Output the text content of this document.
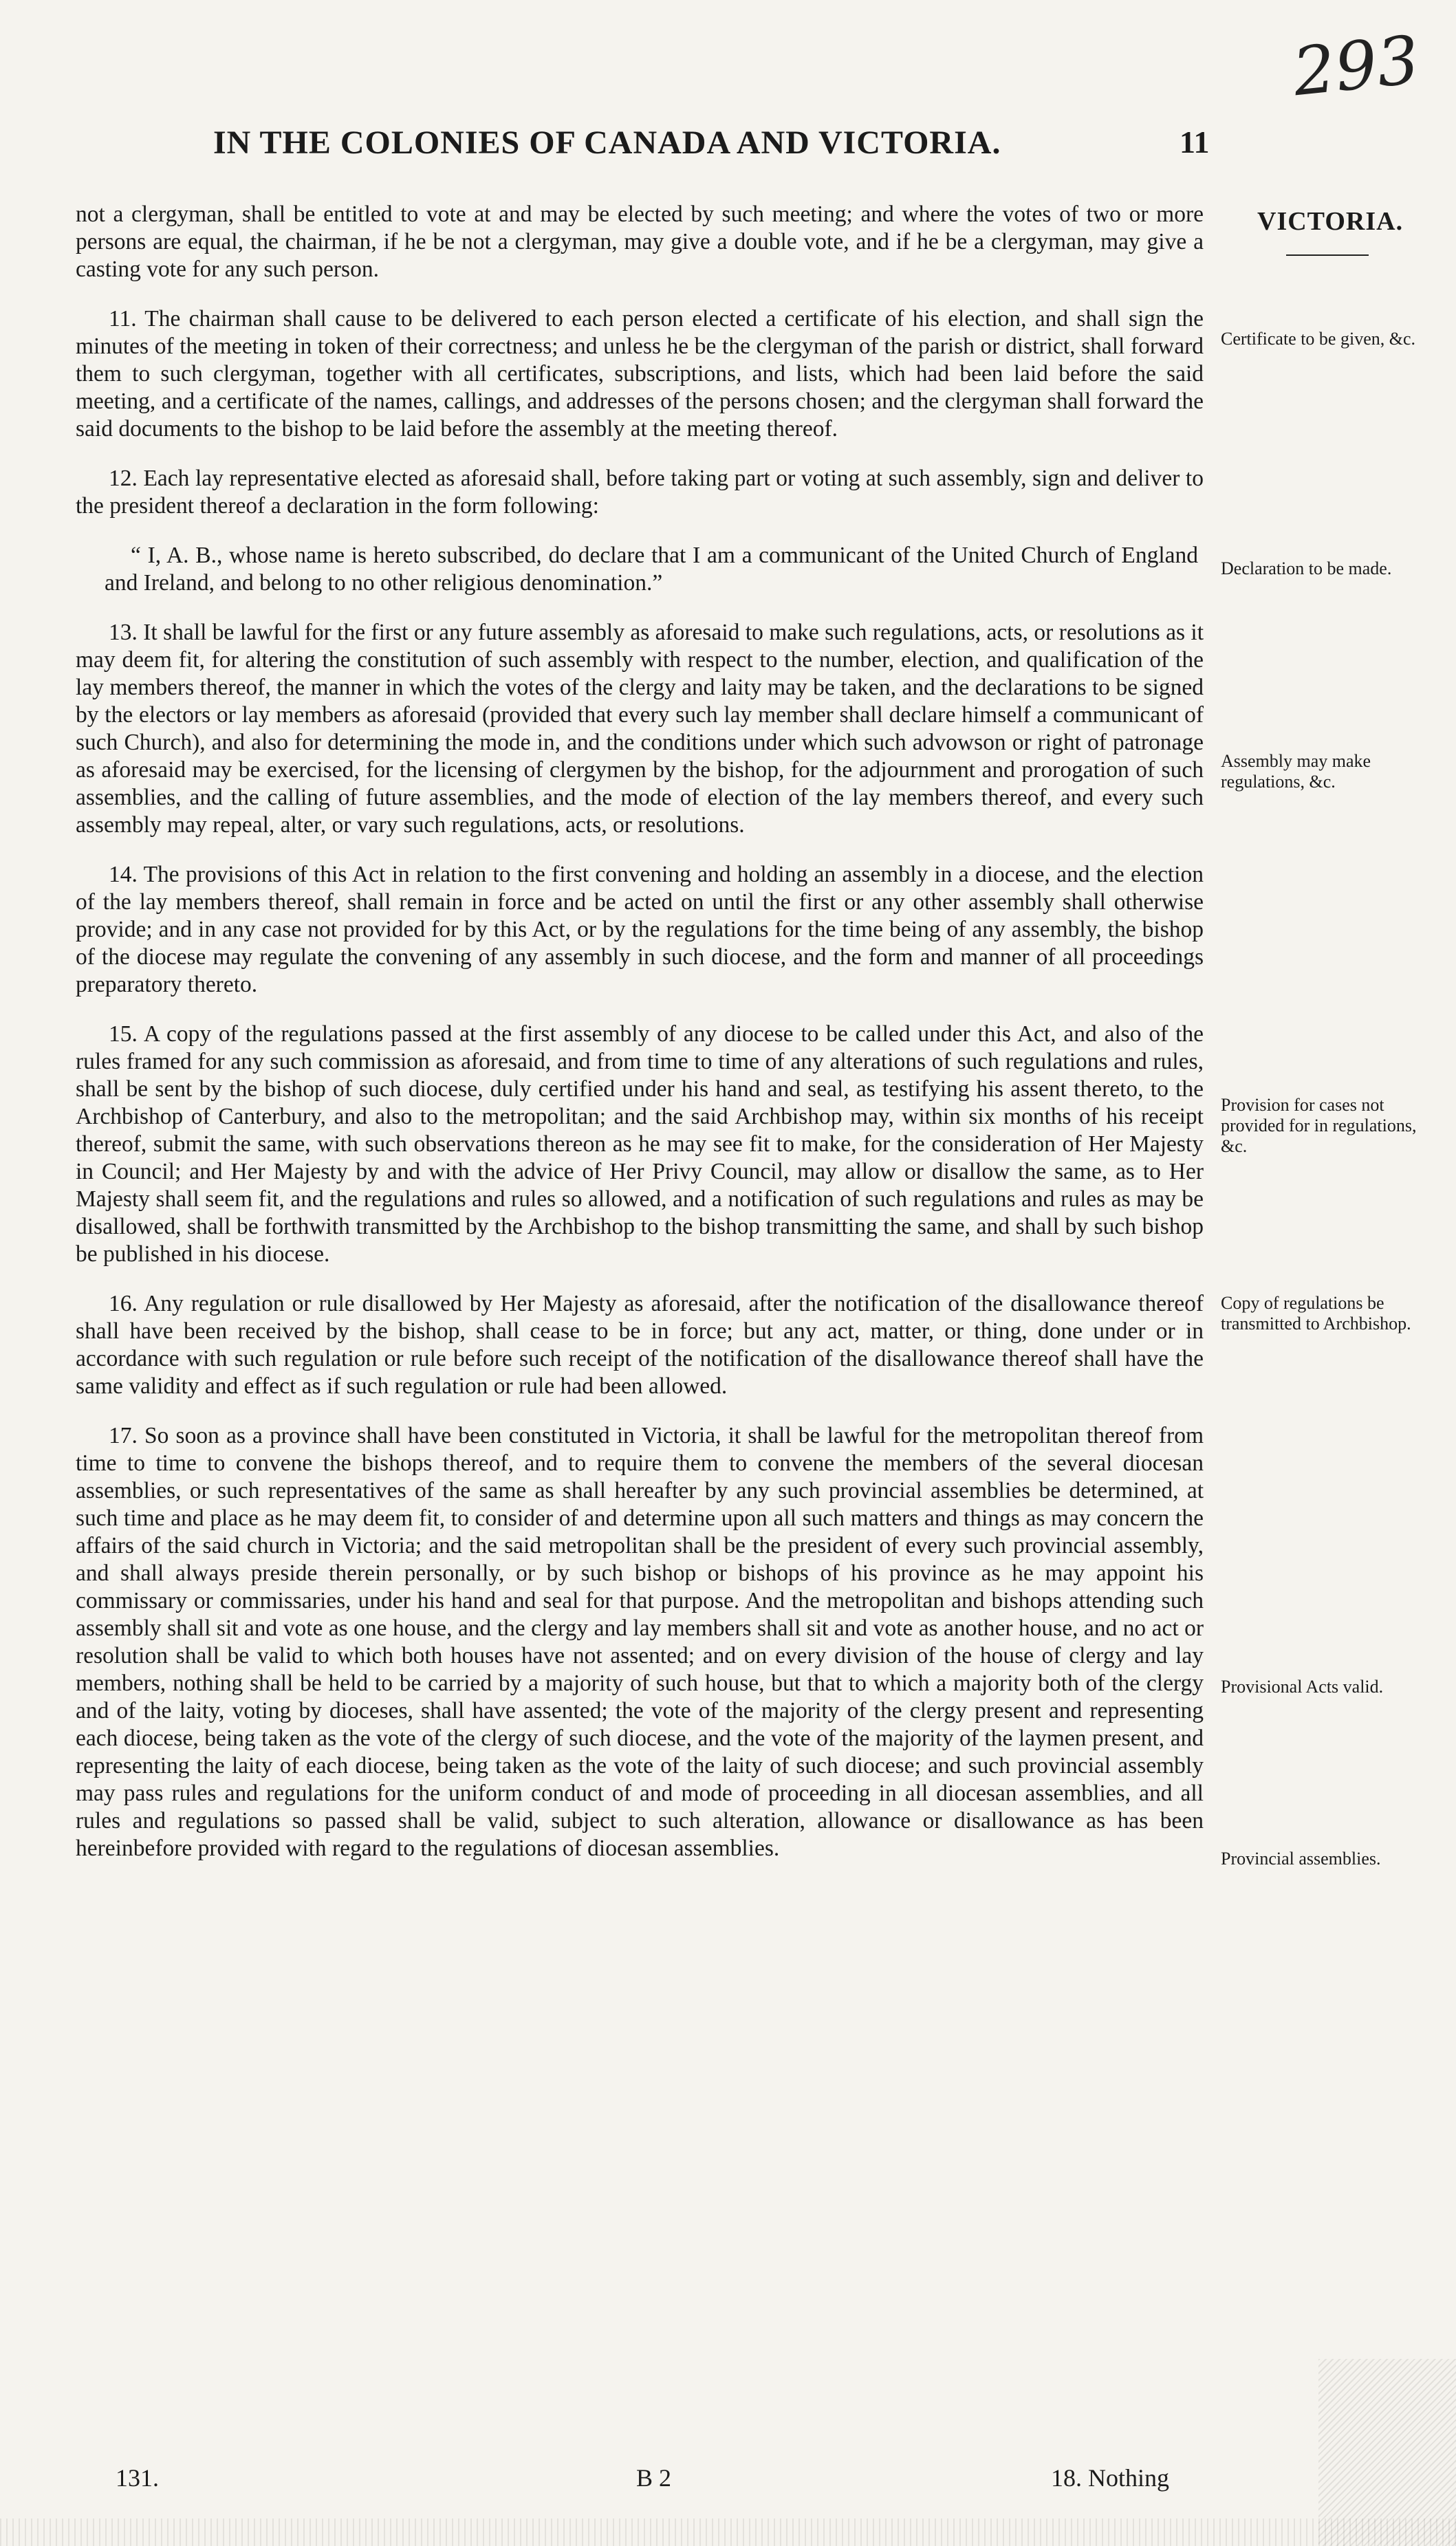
293
IN THE COLONIES OF CANADA AND VICTORIA.	11
VICTORIA.

not a clergyman, shall be entitled to vote at and may be elected by such meeting; and where the votes of two or more persons are equal, the chairman, if he be not a clergyman, may give a double vote, and if he be a clergyman, may give a casting vote for any such person.

11. The chairman shall cause to be delivered to each person elected a certificate of his election, and shall sign the minutes of the meeting in token of their correctness; and unless he be the clergyman of the parish or district, shall forward them to such clergyman, together with all certificates, subscriptions, and lists, which had been laid before the said meeting, and a certificate of the names, callings, and addresses of the persons chosen; and the clergyman shall forward the said documents to the bishop to be laid before the assembly at the meeting thereof.

12. Each lay representative elected as aforesaid shall, before taking part or voting at such assembly, sign and deliver to the president thereof a declaration in the form following:

“ I, A. B., whose name is hereto subscribed, do declare that I am a communicant of the United Church of England and Ireland, and belong to no other religious denomination.”

13. It shall be lawful for the first or any future assembly as aforesaid to make such regulations, acts, or resolutions as it may deem fit, for altering the constitution of such assembly with respect to the number, election, and qualification of the lay members thereof, the manner in which the votes of the clergy and laity may be taken, and the declarations to be signed by the electors or lay members as aforesaid (provided that every such lay member shall declare himself a communicant of such Church), and also for determining the mode in, and the conditions under which such advowson or right of patronage as aforesaid may be exercised, for the licensing of clergymen by the bishop, for the adjournment and prorogation of such assemblies, and the calling of future assemblies, and the mode of election of the lay members thereof, and every such assembly may repeal, alter, or vary such regulations, acts, or resolutions.

14. The provisions of this Act in relation to the first convening and holding an assembly in a diocese, and the election of the lay members thereof, shall remain in force and be acted on until the first or any other assembly shall otherwise provide; and in any case not provided for by this Act, or by the regulations for the time being of any assembly, the bishop of the diocese may regulate the convening of any assembly in such diocese, and the form and manner of all proceedings preparatory thereto.

15. A copy of the regulations passed at the first assembly of any diocese to be called under this Act, and also of the rules framed for any such commission as aforesaid, and from time to time of any alterations of such regulations and rules, shall be sent by the bishop of such diocese, duly certified under his hand and seal, as testifying his assent thereto, to the Archbishop of Canterbury, and also to the metropolitan; and the said Archbishop may, within six months of his receipt thereof, submit the same, with such observations thereon as he may see fit to make, for the consideration of Her Majesty in Council; and Her Majesty by and with the advice of Her Privy Council, may allow or disallow the same, as to Her Majesty shall seem fit, and the regulations and rules so allowed, and a notification of such regulations and rules as may be disallowed, shall be forthwith transmitted by the Archbishop to the bishop transmitting the same, and shall by such bishop be published in his diocese.

16. Any regulation or rule disallowed by Her Majesty as aforesaid, after the notification of the disallowance thereof shall have been received by the bishop, shall cease to be in force; but any act, matter, or thing, done under or in accordance with such regulation or rule before such receipt of the notification of the disallowance thereof shall have the same validity and effect as if such regulation or rule had been allowed.

17. So soon as a province shall have been constituted in Victoria, it shall be lawful for the metropolitan thereof from time to time to convene the bishops thereof, and to require them to convene the members of the several diocesan assemblies, or such representatives of the same as shall hereafter by any such provincial assemblies be determined, at such time and place as he may deem fit, to consider of and determine upon all such matters and things as may concern the affairs of the said church in Victoria; and the said metropolitan shall be the president of every such provincial assembly, and shall always preside therein personally, or by such bishop or bishops of his province as he may appoint his commissary or commissaries, under his hand and seal for that purpose. And the metropolitan and bishops attending such assembly shall sit and vote as one house, and the clergy and lay members shall sit and vote as another house, and no act or resolution shall be valid to which both houses have not assented; and on every division of the house of clergy and lay members, nothing shall be held to be carried by a majority of such house, but that to which a majority both of the clergy and of the laity, voting by dioceses, shall have assented; the vote of the majority of the clergy present and representing each diocese, being taken as the vote of the clergy of such diocese, and the vote of the majority of the laymen present, and representing the laity of each diocese, being taken as the vote of the laity of such diocese; and such provincial assembly may pass rules and regulations for the uniform conduct of and mode of proceeding in all diocesan assemblies, and all rules and regulations so passed shall be valid, subject to such alteration, allowance or disallowance as has been hereinbefore provided with regard to the regulations of diocesan assemblies.

Certificate to be given, &c.
Declaration to be made.
Assembly may make regulations, &c.
Provision for cases not provided for in regulations, &c.
Copy of regulations be transmitted to Archbishop.
Provisional Acts valid.
Provincial assemblies.
131.	B 2	18. Nothing
